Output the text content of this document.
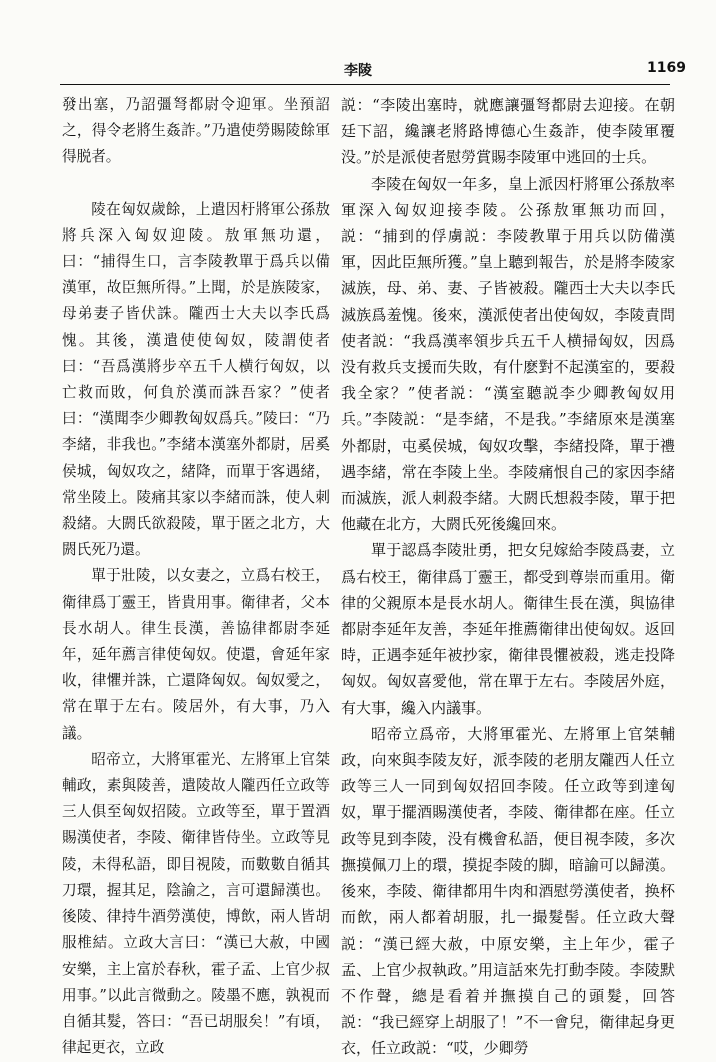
李陵	1169

發出塞，乃詔彊弩都尉令迎軍。坐預詔之，得令老將生姦詐。”乃遣使勞賜陵餘軍得脱者。

陵在匈奴歲餘，上遣因杅將軍公孫敖將兵深入匈奴迎陵。敖軍無功還，曰：“捕得生口，言李陵教單于爲兵以備漢軍，故臣無所得。”上聞，於是族陵家，母弟妻子皆伏誅。隴西士大夫以李氏爲愧。其後，漢遣使使匈奴，陵謂使者曰：“吾爲漢將步卒五千人横行匈奴，以亡救而敗，何負於漢而誅吾家？”使者曰：“漢聞李少卿教匈奴爲兵。”陵曰：“乃李緒，非我也。”李緒本漢塞外都尉，居奚侯城，匈奴攻之，緒降，而單于客遇緒，常坐陵上。陵痛其家以李緒而誅，使人刺殺緒。大閼氏欲殺陵，單于匿之北方，大閼氏死乃還。

單于壯陵，以女妻之，立爲右校王，衛律爲丁靈王，皆貴用事。衛律者，父本長水胡人。律生長漢，善協律都尉李延年，延年薦言律使匈奴。使還，會延年家收，律懼并誅，亡還降匈奴。匈奴愛之，常在單于左右。陵居外，有大事，乃入議。

昭帝立，大將軍霍光、左將軍上官桀輔政，素與陵善，遣陵故人隴西任立政等三人俱至匈奴招陵。立政等至，單于置酒賜漢使者，李陵、衛律皆侍坐。立政等見陵，未得私語，即目視陵，而數數自循其刀環，握其足，陰諭之，言可還歸漢也。後陵、律持牛酒勞漢使，博飲，兩人皆胡服椎結。立政大言曰：“漢已大赦，中國安樂，主上富於春秋，霍子孟、上官少叔用事。”以此言微動之。陵墨不應，孰視而自循其髮，答曰：“吾已胡服矣！”有頃，律起更衣，立政

説：“李陵出塞時，就應讓彊弩都尉去迎接。在朝廷下詔，纔讓老將路博德心生姦詐，使李陵軍覆没。”於是派使者慰勞賞賜李陵軍中逃回的士兵。

李陵在匈奴一年多，皇上派因杅將軍公孫敖率軍深入匈奴迎接李陵。公孫敖軍無功而回，説：“捕到的俘虜説：李陵教單于用兵以防備漢軍，因此臣無所獲。”皇上聽到報告，於是將李陵家滅族，母、弟、妻、子皆被殺。隴西士大夫以李氏滅族爲羞愧。後來，漢派使者出使匈奴，李陵責問使者説：“我爲漢率領步兵五千人横掃匈奴，因爲没有救兵支援而失敗，有什麽對不起漢室的，要殺我全家？”使者説：“漢室聽説李少卿教匈奴用兵。”李陵説：“是李緒，不是我。”李緒原來是漢塞外都尉，屯奚侯城，匈奴攻擊，李緒投降，單于禮遇李緒，常在李陵上坐。李陵痛恨自己的家因李緒而滅族，派人刺殺李緒。大閼氏想殺李陵，單于把他藏在北方，大閼氏死後纔回來。

單于認爲李陵壯勇，把女兒嫁給李陵爲妻，立爲右校王，衛律爲丁靈王，都受到尊崇而重用。衛律的父親原本是長水胡人。衛律生長在漢，與協律都尉李延年友善，李延年推薦衛律出使匈奴。返回時，正遇李延年被抄家，衛律畏懼被殺，逃走投降匈奴。匈奴喜愛他，常在單于左右。李陵居外庭，有大事，纔入内議事。

昭帝立爲帝，大將軍霍光、左將軍上官桀輔政，向來與李陵友好，派李陵的老朋友隴西人任立政等三人一同到匈奴招回李陵。任立政等到達匈奴，單于擺酒賜漢使者，李陵、衛律都在座。任立政等見到李陵，没有機會私語，便目視李陵，多次撫摸佩刀上的環，摸捉李陵的脚，暗諭可以歸漢。後來，李陵、衛律都用牛肉和酒慰勞漢使者，换杯而飲，兩人都着胡服，扎一撮髮髻。任立政大聲説：“漢已經大赦，中原安樂，主上年少，霍子孟、上官少叔執政。”用這話來先打動李陵。李陵默不作聲，總是看着并撫摸自己的頭髮，回答説：“我已經穿上胡服了！”不一會兒，衛律起身更衣，任立政説：“哎，少卿勞
